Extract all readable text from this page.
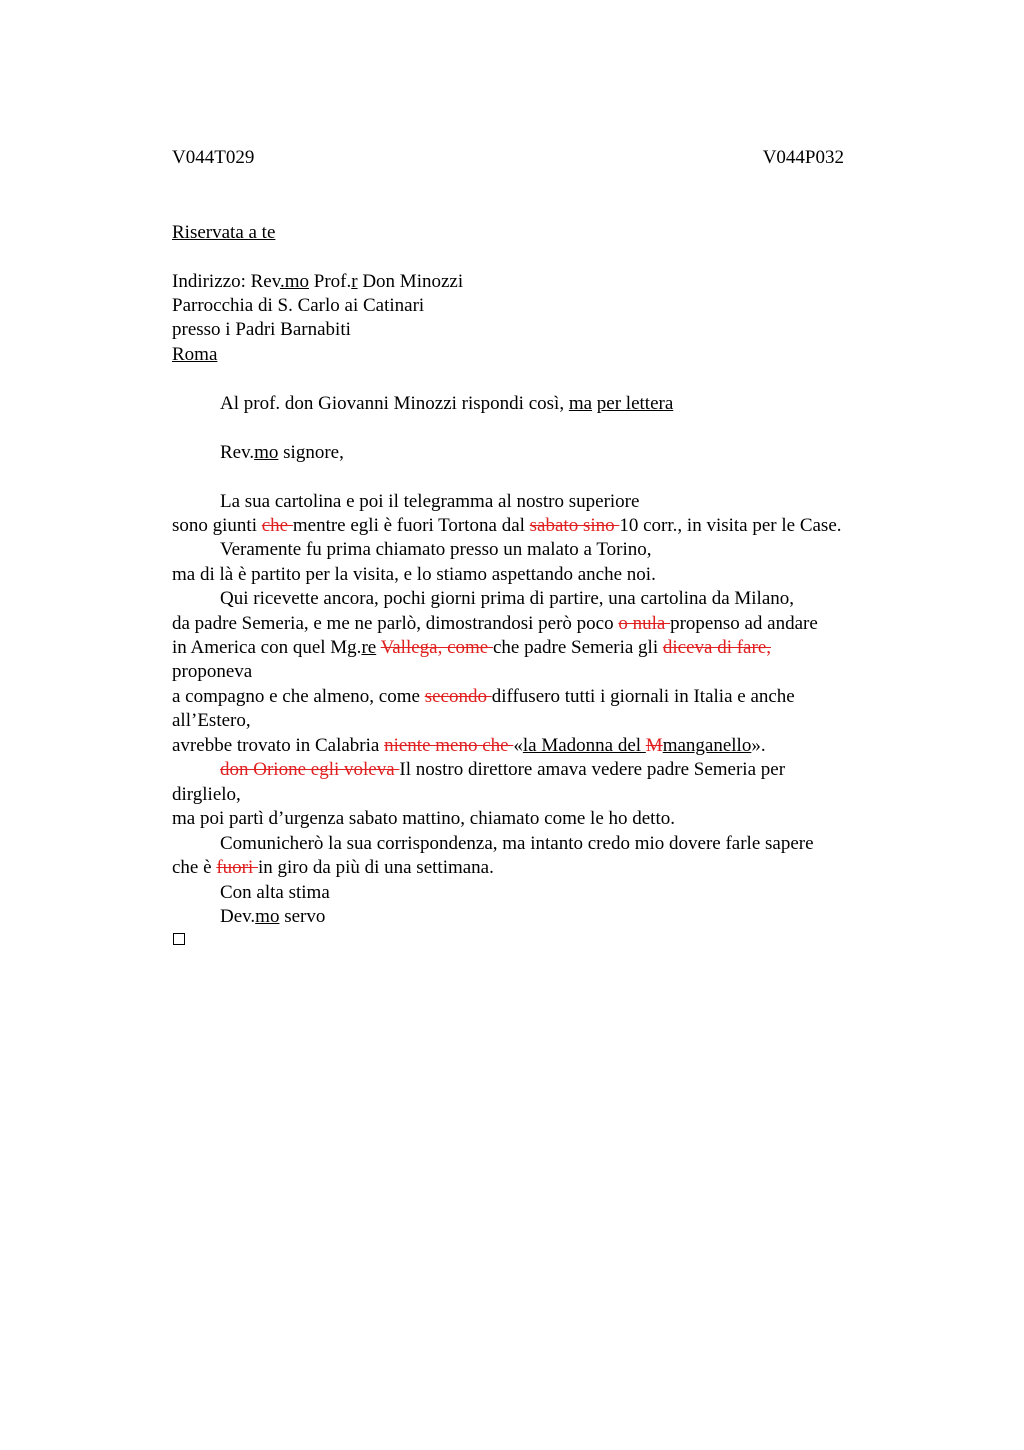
V044T029	V044P032
Riservata a te
Indirizzo: Rev.mo Prof.r Don Minozzi
Parrocchia di S. Carlo ai Catinari
presso i Padri Barnabiti
Roma
Al prof. don Giovanni Minozzi rispondi così, ma per lettera
Rev.mo signore,
La sua cartolina e poi il telegramma al nostro superiore
sono giunti che mentre egli è fuori Tortona dal sabato sino 10 corr., in visita per le Case.
Veramente fu prima chiamato presso un malato a Torino,
ma di là è partito per la visita, e lo stiamo aspettando anche noi.
Qui ricevette ancora, pochi giorni prima di partire, una cartolina da Milano,
da padre Semeria, e me ne parlò, dimostrandosi però poco o nula propenso ad andare
in America con quel Mg.re Vallega, come che padre Semeria gli diceva di fare,
proponeva
a compagno e che almeno, come secondo diffusero tutti i giornali in Italia e anche
all’Estero,
avrebbe trovato in Calabria niente meno che «la Madonna del Mmanganello».
don Orione egli voleva Il nostro direttore amava vedere padre Semeria per
dirglielo,
ma poi partì d’urgenza sabato mattino, chiamato come le ho detto.
Comunicherò la sua corrispondenza, ma intanto credo mio dovere farle sapere
che è fuori in giro da più di una settimana.
Con alta stima
Dev.mo servo
